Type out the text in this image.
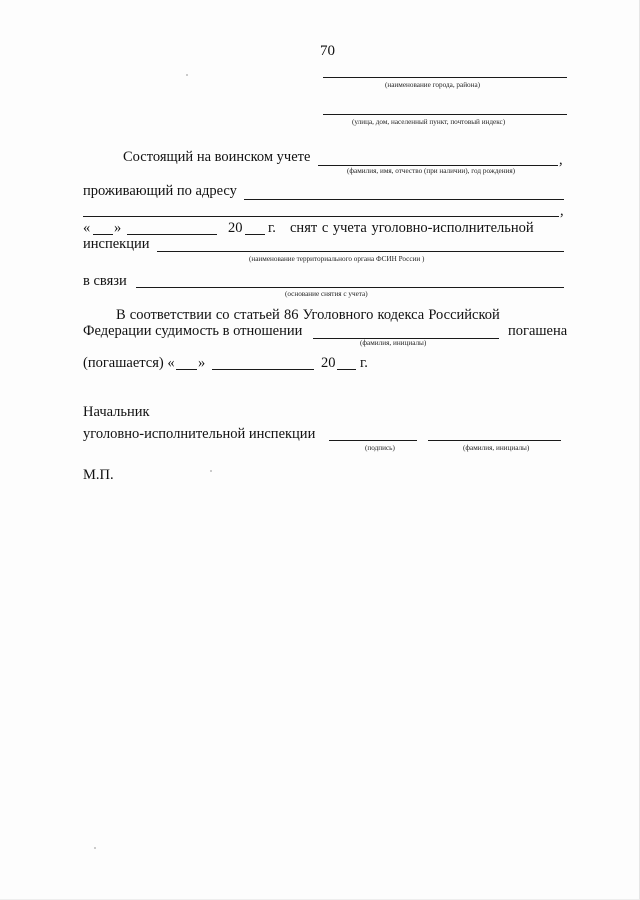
70
(наименование города, района)
(улица, дом, населенный пункт, почтовый индекс)
Состоящий на воинском учете	,
(фамилия, имя, отчество (при наличии), год рождения)
проживающий по адресу
,
« »	20 г. снят с учета уголовно-исполнительной
инспекции
(наименование территориального органа ФСИН России )
в связи
(основание снятия с учета)
В соответствии со статьей 86 Уголовного кодекса Российской
Федерации судимость в отношении	погашена
(фамилия, инициалы)
(погашается) « »	20 г.
Начальник
уголовно-исполнительной инспекции
(подпись)	(фамилия, инициалы)
М.П.
